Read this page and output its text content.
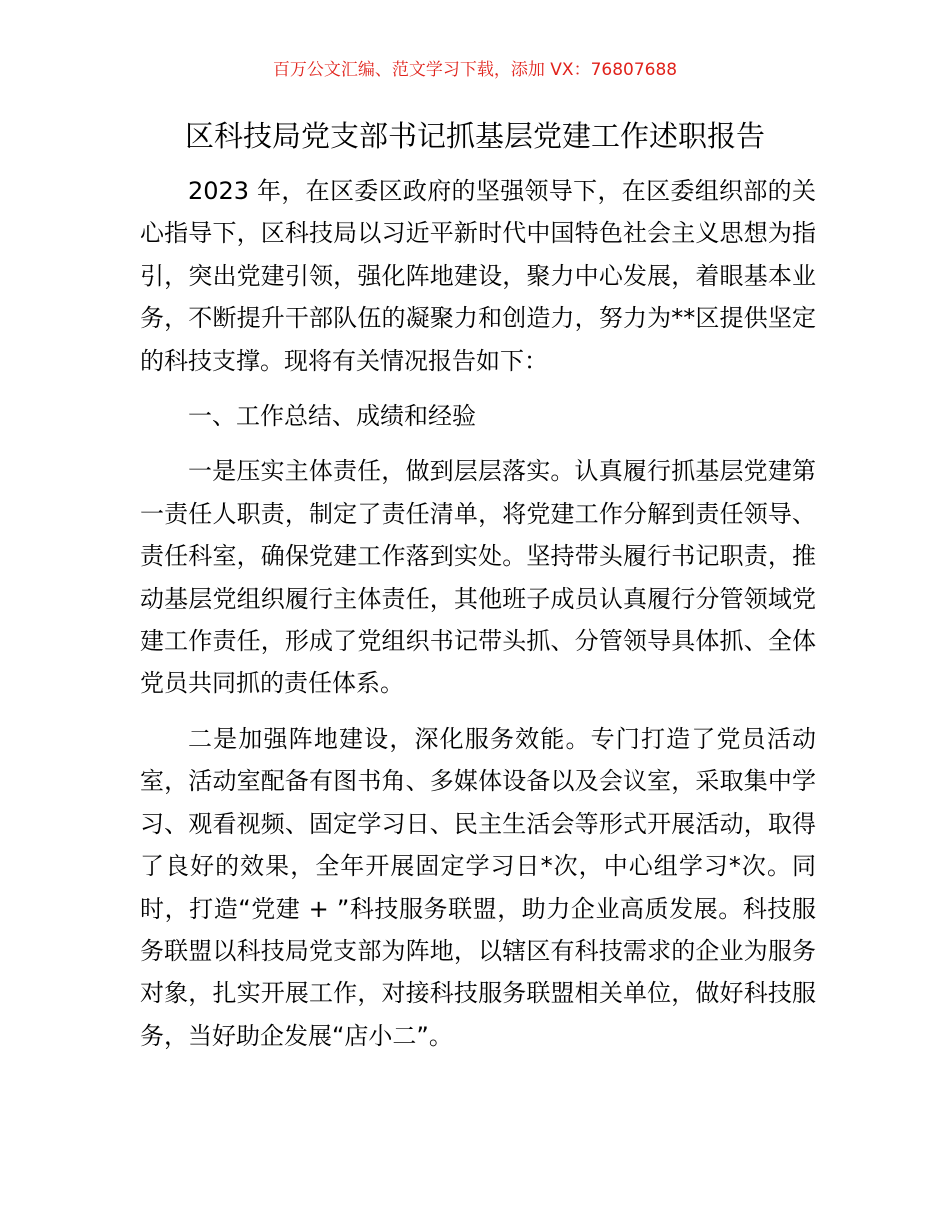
百万公文汇编、范文学习下载，添加 VX：76807688
区科技局党支部书记抓基层党建工作述职报告

2023 年，在区委区政府的坚强领导下，在区委组织部的关心指导下，区科技局以习近平新时代中国特色社会主义思想为指引，突出党建引领，强化阵地建设，聚力中心发展，着眼基本业务，不断提升干部队伍的凝聚力和创造力，努力为**区提供坚定的科技支撑。现将有关情况报告如下：

一、工作总结、成绩和经验

一是压实主体责任，做到层层落实。认真履行抓基层党建第一责任人职责，制定了责任清单，将党建工作分解到责任领导、责任科室，确保党建工作落到实处。坚持带头履行书记职责，推动基层党组织履行主体责任，其他班子成员认真履行分管领域党建工作责任，形成了党组织书记带头抓、分管领导具体抓、全体党员共同抓的责任体系。

二是加强阵地建设，深化服务效能。专门打造了党员活动室，活动室配备有图书角、多媒体设备以及会议室，采取集中学习、观看视频、固定学习日、民主生活会等形式开展活动，取得了良好的效果，全年开展固定学习日*次，中心组学习*次。同时，打造“党建 + ”科技服务联盟，助力企业高质发展。科技服务联盟以科技局党支部为阵地，以辖区有科技需求的企业为服务对象，扎实开展工作，对接科技服务联盟相关单位，做好科技服务，当好助企发展“店小二”。
